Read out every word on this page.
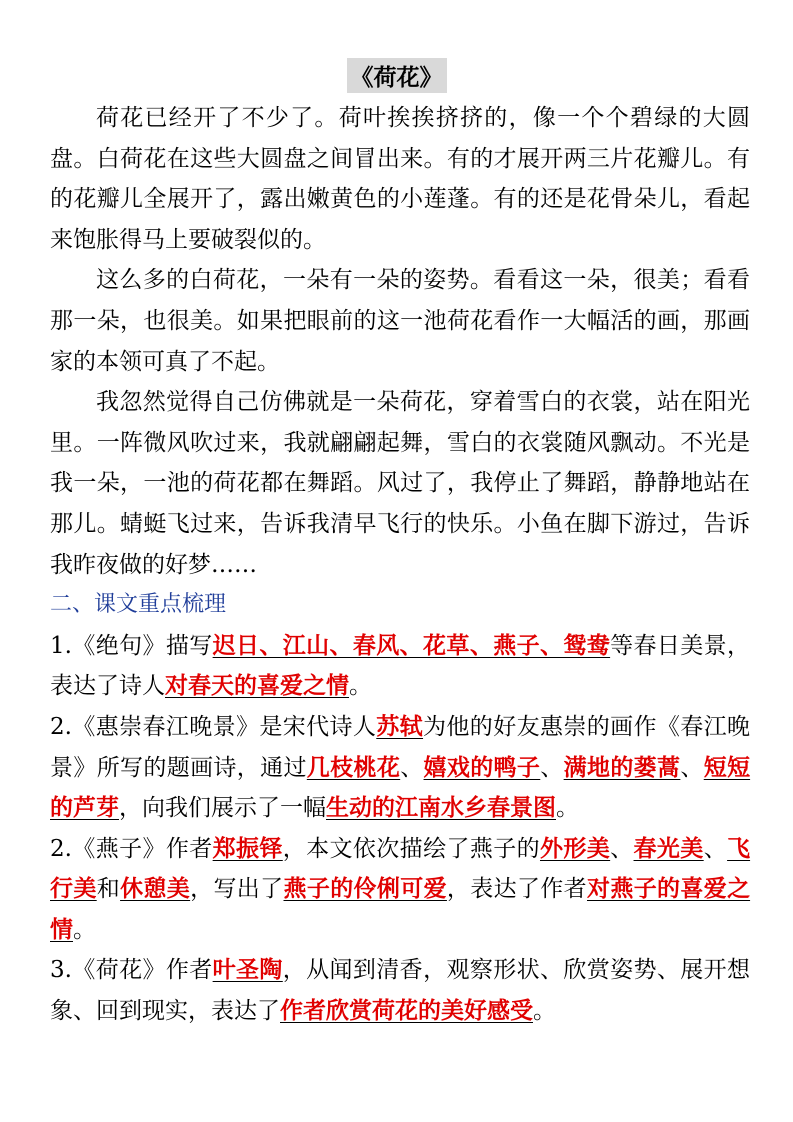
《荷花》

荷花已经开了不少了。荷叶挨挨挤挤的，像一个个碧绿的大圆盘。白荷花在这些大圆盘之间冒出来。有的才展开两三片花瓣儿。有的花瓣儿全展开了，露出嫩黄色的小莲蓬。有的还是花骨朵儿，看起来饱胀得马上要破裂似的。

这么多的白荷花，一朵有一朵的姿势。看看这一朵，很美；看看那一朵，也很美。如果把眼前的这一池荷花看作一大幅活的画，那画家的本领可真了不起。

我忽然觉得自己仿佛就是一朵荷花，穿着雪白的衣裳，站在阳光里。一阵微风吹过来，我就翩翩起舞，雪白的衣裳随风飘动。不光是我一朵，一池的荷花都在舞蹈。风过了，我停止了舞蹈，静静地站在那儿。蜻蜓飞过来，告诉我清早飞行的快乐。小鱼在脚下游过，告诉我昨夜做的好梦……

二、课文重点梳理

1.《绝句》描写迟日、江山、春风、花草、燕子、鸳鸯等春日美景，表达了诗人对春天的喜爱之情。

2.《惠崇春江晚景》是宋代诗人苏轼为他的好友惠崇的画作《春江晚景》所写的题画诗，通过几枝桃花、嬉戏的鸭子、满地的蒌蒿、短短的芦芽，向我们展示了一幅生动的江南水乡春景图。

2.《燕子》作者郑振铎，本文依次描绘了燕子的外形美、春光美、飞行美和休憩美，写出了燕子的伶俐可爱，表达了作者对燕子的喜爱之情。

3.《荷花》作者叶圣陶，从闻到清香，观察形状、欣赏姿势、展开想象、回到现实，表达了作者欣赏荷花的美好感受。
